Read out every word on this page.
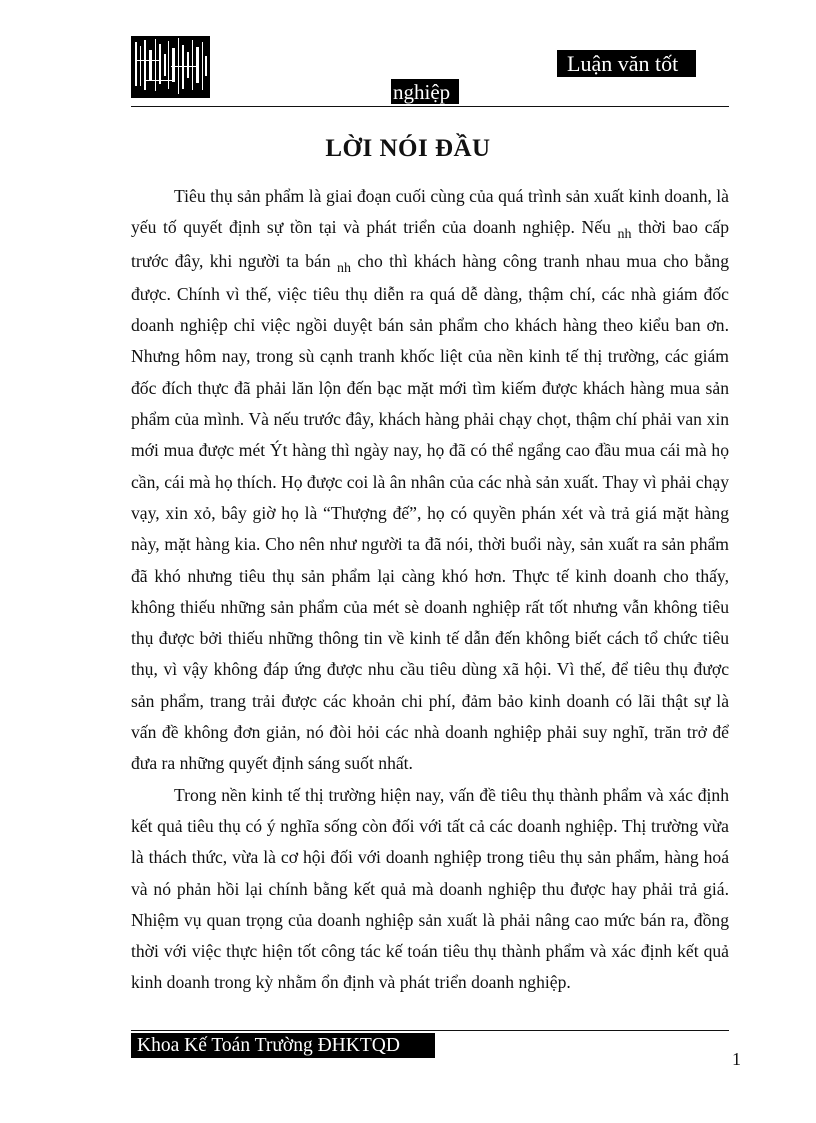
Luận văn tốt
nghiệp
LỜI NÓI ĐẦU

Tiêu thụ sản phẩm là giai đoạn cuối cùng của quá trình sản xuất kinh doanh, là yếu tố quyết định sự tồn tại và phát triển của doanh nghiệp. Nếu $_{nh}$ thời bao cấp trước đây, khi người ta bán $_{nh}$ cho thì khách hàng công tranh nhau mua cho bằng được. Chính vì thế, việc tiêu thụ diễn ra quá dễ dàng, thậm chí, các nhà giám đốc doanh nghiệp chỉ việc ngồi duyệt bán sản phẩm cho khách hàng theo kiểu ban ơn. Nhưng hôm nay, trong sù cạnh tranh khốc liệt của nền kinh tế thị trường, các giám đốc đích thực đã phải lăn lộn đến bạc mặt mới tìm kiếm được khách hàng mua sản phẩm của mình. Và nếu trước đây, khách hàng phải chạy chọt, thậm chí phải van xin mới mua được mét Ýt hàng thì ngày nay, họ đã có thể ngẩng cao đầu mua cái mà họ cần, cái mà họ thích. Họ được coi là ân nhân của các nhà sản xuất. Thay vì phải chạy vạy, xin xỏ, bây giờ họ là “Thượng đế”, họ có quyền phán xét và trả giá mặt hàng này, mặt hàng kia. Cho nên như người ta đã nói, thời buổi này, sản xuất ra sản phẩm đã khó nhưng tiêu thụ sản phẩm lại càng khó hơn. Thực tế kinh doanh cho thấy, không thiếu những sản phẩm của mét sè doanh nghiệp rất tốt nhưng vẫn không tiêu thụ được bởi thiếu những thông tin về kinh tế dẫn đến không biết cách tổ chức tiêu thụ, vì vậy không đáp ứng được nhu cầu tiêu dùng xã hội. Vì thế, để tiêu thụ được sản phẩm, trang trải được các khoản chi phí, đảm bảo kinh doanh có lãi thật sự là vấn đề không đơn giản, nó đòi hỏi các nhà doanh nghiệp phải suy nghĩ, trăn trở để đưa ra những quyết định sáng suốt nhất.

Trong nền kinh tế thị trường hiện nay, vấn đề tiêu thụ thành phẩm và xác định kết quả tiêu thụ có ý nghĩa sống còn đối với tất cả các doanh nghiệp. Thị trường vừa là thách thức, vừa là cơ hội đối với doanh nghiệp trong tiêu thụ sản phẩm, hàng hoá và nó phản hồi lại chính bằng kết quả mà doanh nghiệp thu được hay phải trả giá. Nhiệm vụ quan trọng của doanh nghiệp sản xuất là phải nâng cao mức bán ra, đồng thời với việc thực hiện tốt công tác kế toán tiêu thụ thành phẩm và xác định kết quả kinh doanh trong kỳ nhằm ổn định và phát triển doanh nghiệp.

Khoa Kế Toán Trường ĐHKTQD
1
